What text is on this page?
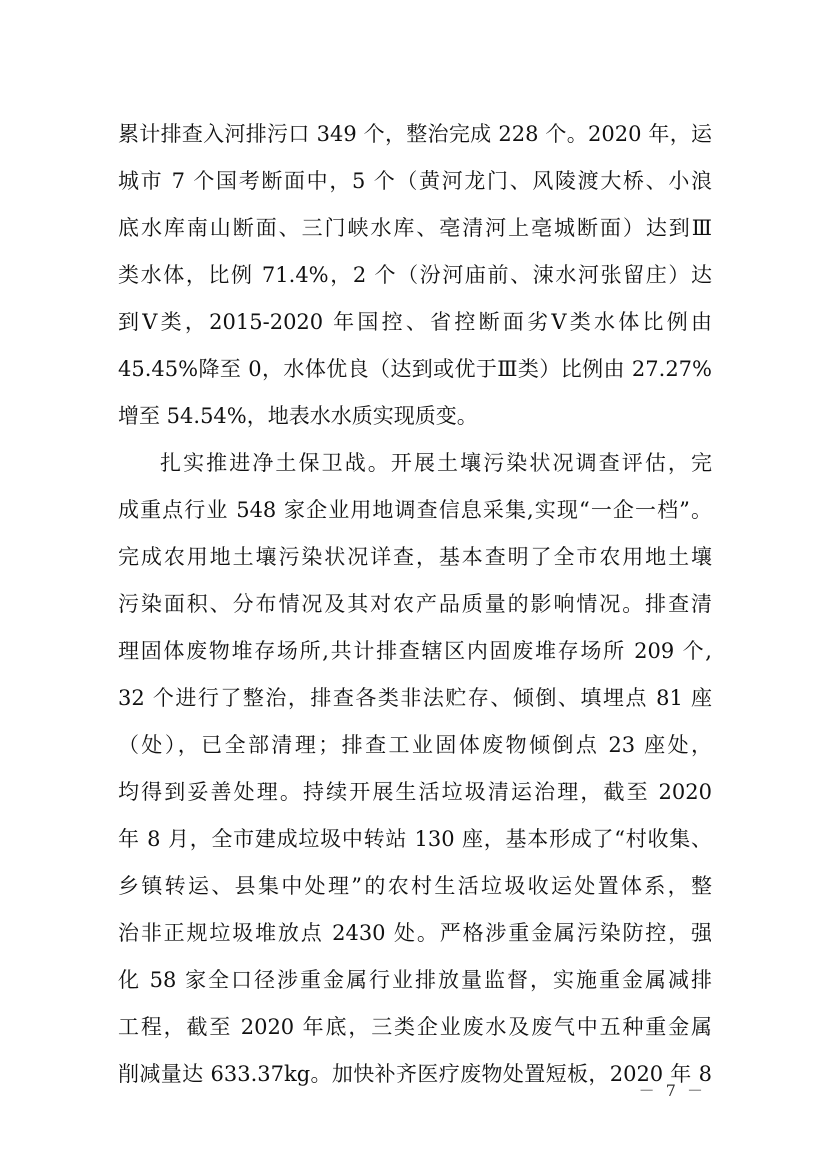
累计排查入河排污口 349 个，整治完成 228 个。2020 年，运
城市 7 个国考断面中，5 个（黄河龙门、风陵渡大桥、小浪
底水库南山断面、三门峡水库、亳清河上亳城断面）达到Ⅲ
类水体，比例 71.4%，2 个（汾河庙前、涑水河张留庄）达
到Ⅴ类，2015-2020 年国控、省控断面劣Ⅴ类水体比例由
45.45%降至 0，水体优良（达到或优于Ⅲ类）比例由 27.27%
增至 54.54%，地表水水质实现质变。
扎实推进净土保卫战。开展土壤污染状况调查评估，完
成重点行业 548 家企业用地调查信息采集,实现“一企一档”。
完成农用地土壤污染状况详查，基本查明了全市农用地土壤
污染面积、分布情况及其对农产品质量的影响情况。排查清
理固体废物堆存场所,共计排查辖区内固废堆存场所 209 个,
32 个进行了整治，排查各类非法贮存、倾倒、填埋点 81 座
（处），已全部清理；排查工业固体废物倾倒点 23 座处，
均得到妥善处理。持续开展生活垃圾清运治理，截至 2020
年 8 月，全市建成垃圾中转站 130 座，基本形成了“村收集、
乡镇转运、县集中处理”的农村生活垃圾收运处置体系，整
治非正规垃圾堆放点 2430 处。严格涉重金属污染防控，强
化 58 家全口径涉重金属行业排放量监督，实施重金属减排
工程，截至 2020 年底，三类企业废水及废气中五种重金属
削减量达 633.37kg。加快补齐医疗废物处置短板，2020 年 8
－ 7 －
